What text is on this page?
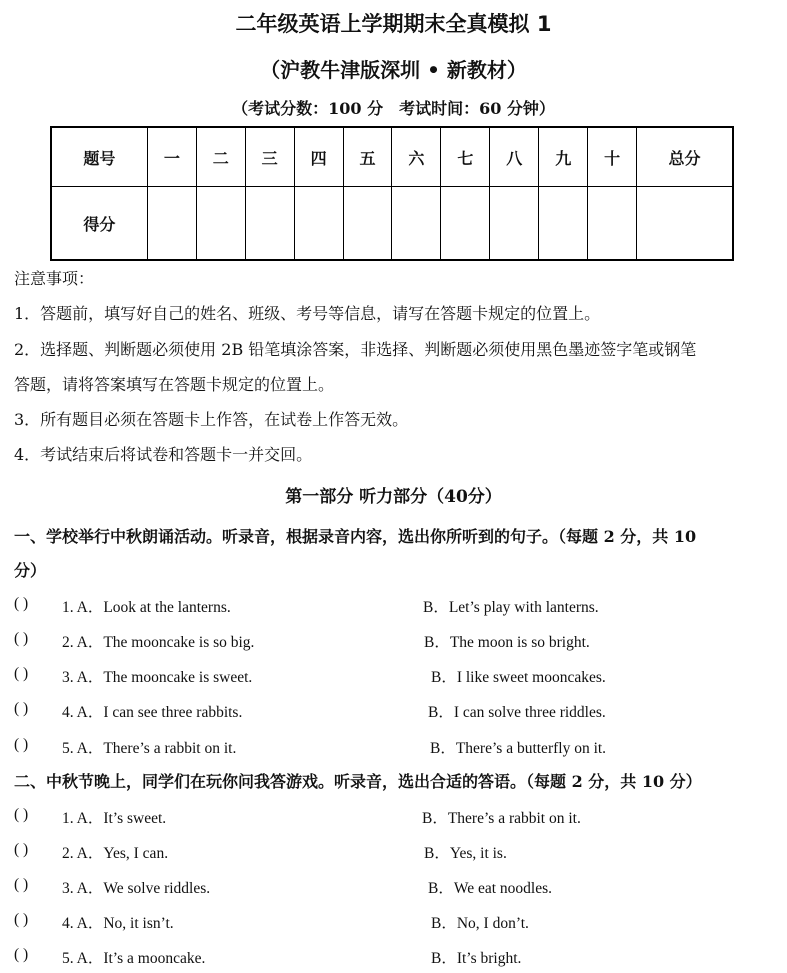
二年级英语上学期期末全真模拟 1
（沪教牛津版深圳 • 新教材）
（考试分数：100 分　考试时间：60 分钟）
题号	一	二	三	四	五	六	七	八	九	十	总分
得分											
注意事项：
1．答题前，填写好自己的姓名、班级、考号等信息，请写在答题卡规定的位置上。
2．选择题、判断题必须使用 2B 铅笔填涂答案，非选择、判断题必须使用黑色墨迹签字笔或钢笔
答题，请将答案填写在答题卡规定的位置上。
3．所有题目必须在答题卡上作答，在试卷上作答无效。
4．考试结束后将试卷和答题卡一并交回。
第一部分 听力部分（40分）
一、学校举行中秋朗诵活动。听录音，根据录音内容，选出你所听到的句子。（每题 2 分，共 10
分）
( ) 1. A．Look at the lanterns.	B．Let’s play with lanterns.
( ) 2. A．The mooncake is so big.	B．The moon is so bright.
( ) 3. A．The mooncake is sweet.	B．I like sweet mooncakes.
( ) 4. A．I can see three rabbits.	B．I can solve three riddles.
( ) 5. A．There’s a rabbit on it.	B．There’s a butterfly on it.
二、中秋节晚上，同学们在玩你问我答游戏。听录音，选出合适的答语。（每题 2 分，共 10 分）
( ) 1. A．It’s sweet.	B．There’s a rabbit on it.
( ) 2. A．Yes, I can.	B．Yes, it is.
( ) 3. A．We solve riddles.	B．We eat noodles.
( ) 4. A．No, it isn’t.	B．No, I don’t.
( ) 5. A．It’s a mooncake.	B．It’s bright.
